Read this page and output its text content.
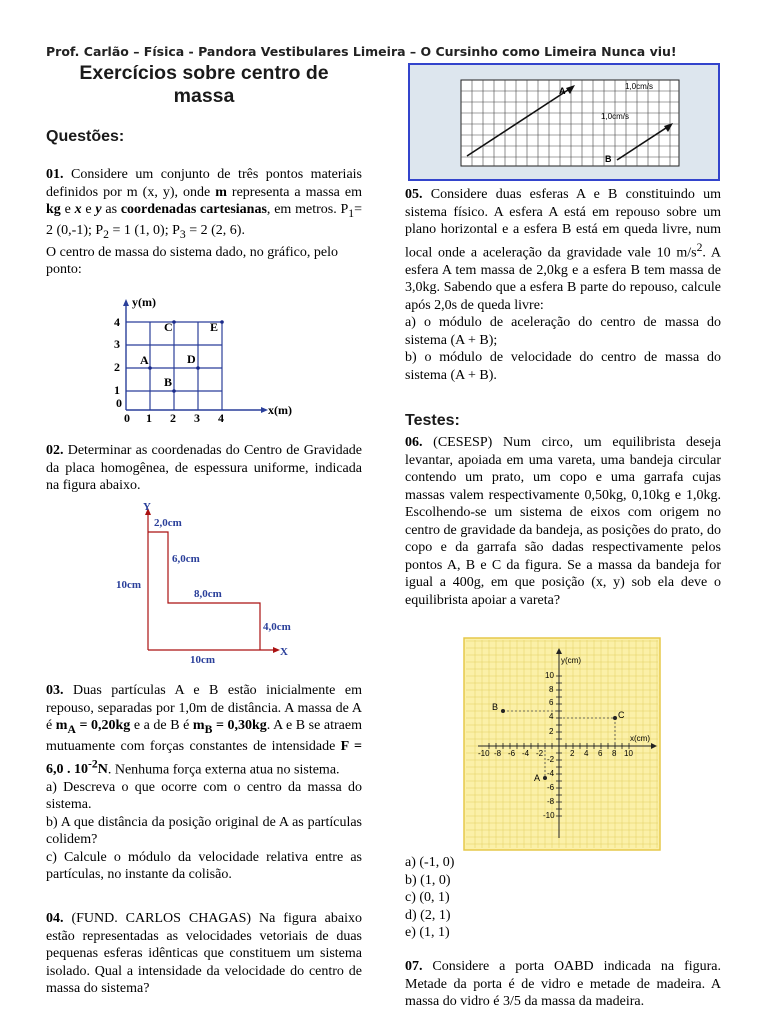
Prof. Carlão – Física - Pandora Vestibulares Limeira – O Cursinho como Limeira Nunca viu!
Exercícios sobre centro de
massa
Questões:

01. Considere um conjunto de três pontos materiais definidos por m (x, y), onde m representa a massa em kg e x e y as coordenadas cartesianas, em metros. $P_1= 2$ (0,-1); $P_2 = 1$ (1, 0); $P_3 = 2$ (2, 6).

O centro de massa do sistema dado, no gráfico, pelo ponto:

y(m)
x(m)
4
3
2
1
0
0 1 2 3 4
A
B
C
D
E

02. Determinar as coordenadas do Centro de Gravidade da placa homogênea, de espessura uniforme, indicada na figura abaixo.

Y
X
2,0cm
6,0cm
10cm
8,0cm
4,0cm
10cm

03. Duas partículas A e B estão inicialmente em repouso, separadas por 1,0m de distância. A massa de A é $m_A = 0,20kg$ e a de B é $m_B = 0,30kg$. A e B se atraem mutuamente com forças constantes de intensidade F = 6,0 . $10^{-2}N$. Nenhuma força externa atua no sistema.

a) Descreva o que ocorre com o centro da massa do sistema.

b) A que distância da posição original de A as partículas colidem?

c) Calcule o módulo da velocidade relativa entre as partículas, no instante da colisão.

04. (FUND. CARLOS CHAGAS) Na figura abaixo estão representadas as velocidades vetoriais de duas pequenas esferas idênticas que constituem um sistema isolado. Qual a intensidade da velocidade do centro de massa do sistema?

A
B
1,0cm/s
1,0cm/s

05. Considere duas esferas A e B constituindo um sistema físico. A esfera A está em repouso sobre um plano horizontal e a esfera B está em queda livre, num local onde a aceleração da gravidade vale 10 $m/s^2$. A esfera A tem massa de 2,0kg e a esfera B tem massa de 3,0kg. Sabendo que a esfera B parte do repouso, calcule após 2,0s de queda livre:

a) o módulo de aceleração do centro de massa do sistema (A + B);

b) o módulo de velocidade do centro de massa do sistema (A + B).

Testes:

06. (CESESP) Num circo, um equilibrista deseja levantar, apoiada em uma vareta, uma bandeja circular contendo um prato, um copo e uma garrafa cujas massas valem respectivamente 0,50kg, 0,10kg e 1,0kg. Escolhendo-se um sistema de eixos com origem no centro de gravidade da bandeja, as posições do prato, do copo e da garrafa são dadas respectivamente pelos pontos A, B e C da figura. Se a massa da bandeja for igual a 400g, em que posição (x, y) sob ela deve o equilibrista apoiar a vareta?

y(cm)
x(cm)
10
8
6
4
2
-2
-4
-6
-8
-10
-10 -8 -6 -4 -2	2 4 6 8 10
B
C
A

a) (-1, 0)

b) (1, 0)

c) (0, 1)

d) (2, 1)

e) (1, 1)

07. Considere a porta OABD indicada na figura. Metade da porta é de vidro e metade de madeira. A massa do vidro é 3/5 da massa da madeira.
